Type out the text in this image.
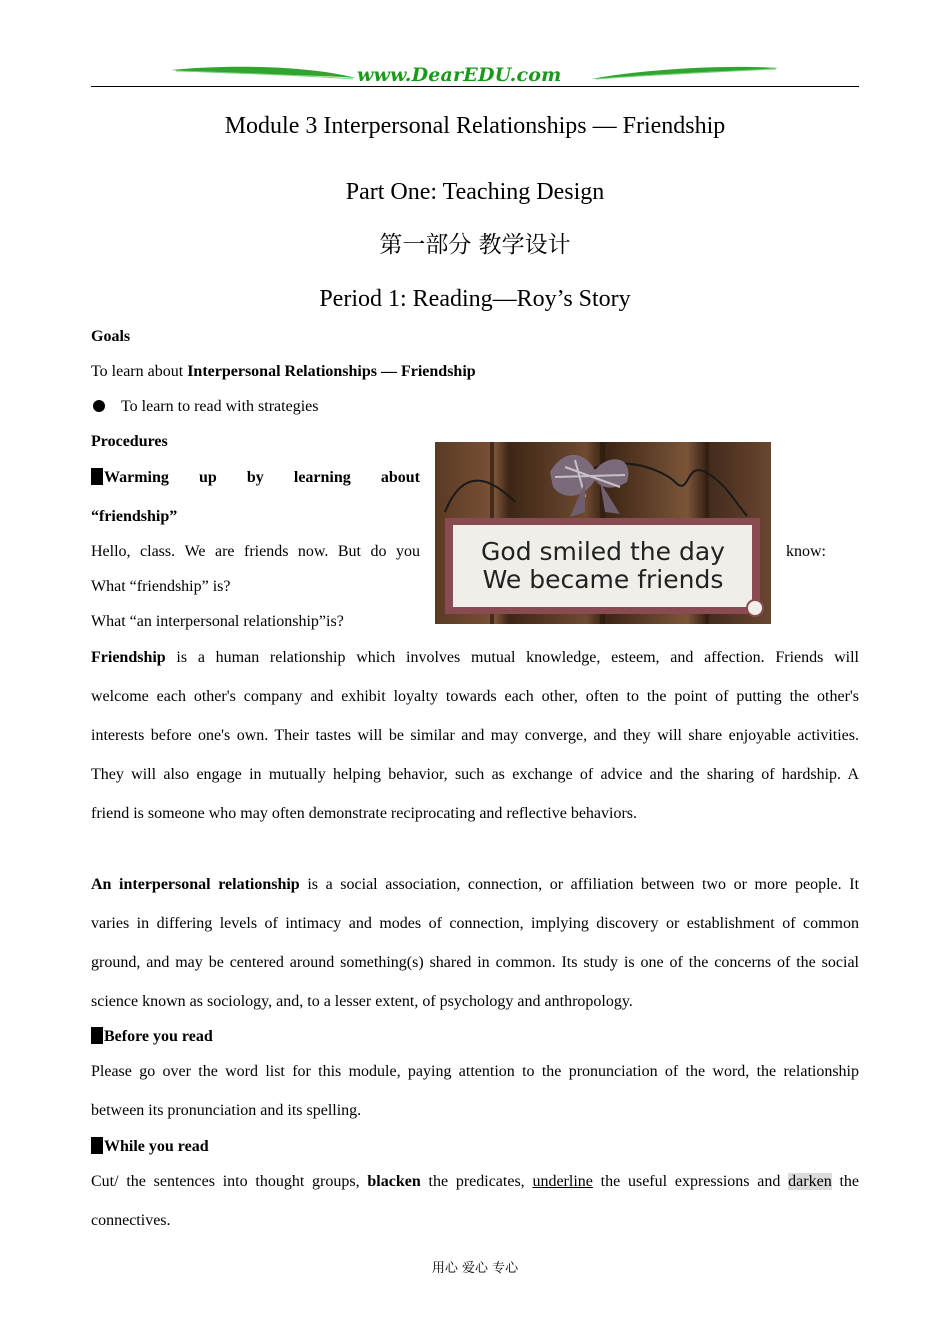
www.DearEDU.com
Module 3 Interpersonal Relationships — Friendship
Part One: Teaching Design
第一部分 教学设计
Period 1: Reading—Roy’s Story
Goals
To learn about Interpersonal Relationships — Friendship
To learn to read with strategies
Procedures
Warming up by learning about
“friendship”
Hello, class. We are friends now. But do you	know:
What “friendship” is?
What “an interpersonal relationship”is?
God smiled the day
We became friends
Friendship is a human relationship which involves mutual knowledge, esteem, and affection. Friends will
welcome each other's company and exhibit loyalty towards each other, often to the point of putting the other's
interests before one's own. Their tastes will be similar and may converge, and they will share enjoyable activities.
They will also engage in mutually helping behavior, such as exchange of advice and the sharing of hardship. A
friend is someone who may often demonstrate reciprocating and reflective behaviors.
An interpersonal relationship is a social association, connection, or affiliation between two or more people. It
varies in differing levels of intimacy and modes of connection, implying discovery or establishment of common
ground, and may be centered around something(s) shared in common. Its study is one of the concerns of the social
science known as sociology, and, to a lesser extent, of psychology and anthropology.
Before you read
Please go over the word list for this module, paying attention to the pronunciation of the word, the relationship
between its pronunciation and its spelling.
While you read
Cut/ the sentences into thought groups, blacken the predicates, underline the useful expressions and darken the
connectives.
用心 爱心 专心
